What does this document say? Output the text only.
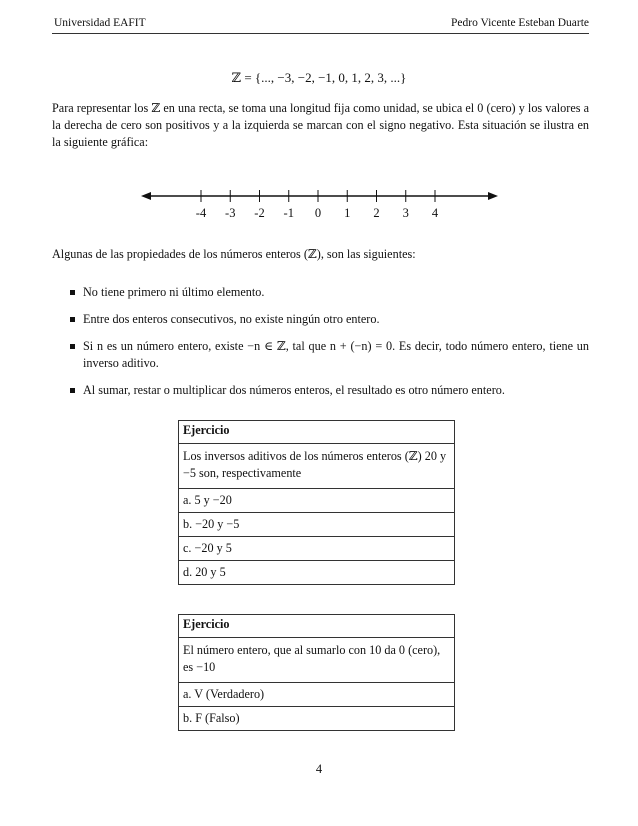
Universidad EAFIT	Pedro Vicente Esteban Duarte
ℤ = {..., −3, −2, −1, 0, 1, 2, 3, ...}

Para representar los ℤ en una recta, se toma una longitud fija como unidad, se ubica el 0 (cero) y los valores a la derecha de cero son positivos y a la izquierda se marcan con el signo negativo. Esta situación se ilustra en la siguiente gráfica:

-4 -3 -2 -1 0 1 2 3 4

Algunas de las propiedades de los números enteros (ℤ), son las siguientes:

No tiene primero ni último elemento.
Entre dos enteros consecutivos, no existe ningún otro entero.
Si n es un número entero, existe −n ∈ ℤ, tal que n + (−n) = 0. Es decir, todo número entero, tiene un inverso aditivo.
Al sumar, restar o multiplicar dos números enteros, el resultado es otro número entero.
Ejercicio
Los inversos aditivos de los números enteros (ℤ) 20 y −5 son, respectivamente
a. 5 y −20
b. −20 y −5
c. −20 y 5
d. 20 y 5
Ejercicio
El número entero, que al sumarlo con 10 da 0 (cero), es −10
a. V (Verdadero)
b. F (Falso)
4
